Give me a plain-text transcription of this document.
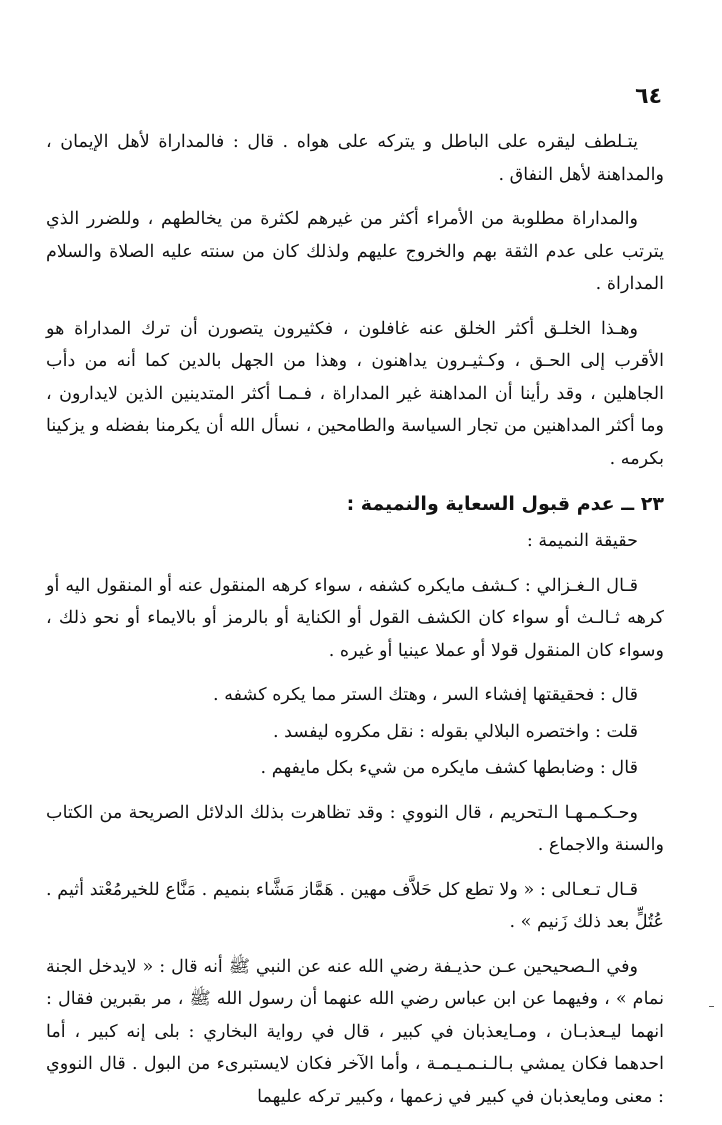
٦٤

يتـلطف ليقره على الباطل و يتركه على هواه . قال : فالمداراة لأهل الإيمان ، والمداهنة لأهل النفاق .

والمداراة مطلوبة من الأمراء أكثر من غيرهم لكثرة من يخالطهم ، وللضرر الذي يترتب على عدم الثقة بهم والخروج عليهم ولذلك كان من سنته عليه الصلاة والسلام المداراة .

وهـذا الخلـق أكثر الخلق عنه غافلون ، فكثيرون يتصورن أن ترك المداراة هو الأقرب إلى الحـق ، وكـثيـرون يداهنون ، وهذا من الجهل بالدين كما أنه من دأب الجاهلين ، وقد رأينا أن المداهنة غير المداراة ، فـمـا أكثر المتدينين الذين لايدارون ، وما أكثر المداهنين من تجار السياسة والطامحين ، نسأل الله أن يكرمنا بفضله و يزكينا بكرمه .

٢٣ ــ عدم قبول السعاية والنميمة :

حقيقة النميمة :

قـال الـغـزالي : كـشف مايكره كشفه ، سواء كرهه المنقول عنه أو المنقول اليه أو كرهه ثـالـث أو سواء كان الكشف القول أو الكناية أو بالرمز أو بالايماء أو نحو ذلك ، وسواء كان المنقول قولا أو عملا عينيا أو غيره .

قال : فحقيقتها إفشاء السر ، وهتك الستر مما يكره كشفه .

قلت : واختصره البلالي بقوله : نقل مكروه ليفسد .

قال : وضابطها كشف مايكره من شيء بكل مايفهم .

وحـكـمـهـا الـتحريم ، قال النووي : وقد تظاهرت بذلك الدلائل الصريحة من الكتاب والسنة والاجماع .

قـال تـعـالى : « ولا تطع كل حَلاَّف مهين . هَمَّاز مَشَّاء بنميم . مَنَّاع للخيرمُعْتد أثيم . عُتُلٍّ بعد ذلك زَنيم » .

وفي الـصحيحين عـن حذيـفة رضي الله عنه عن النبي ﷺ أنه قال : « لايدخل الجنة نمام » ، وفيهما عن ابن عباس رضي الله عنهما أن رسول الله ﷺ ، مر بقبرين فقال : انهما ليـعذبـان ، ومـايعذبان في كبير ، قال في رواية البخاري : بلى إنه كبير ، أما احدهما فكان يمشي بـالـنـمـيـمـة ، وأما الآخر فكان لايستبرىء من البول . قال النووي : معنى ومايعذبان في كبير في زعمها ، وكبير تركه عليهما
